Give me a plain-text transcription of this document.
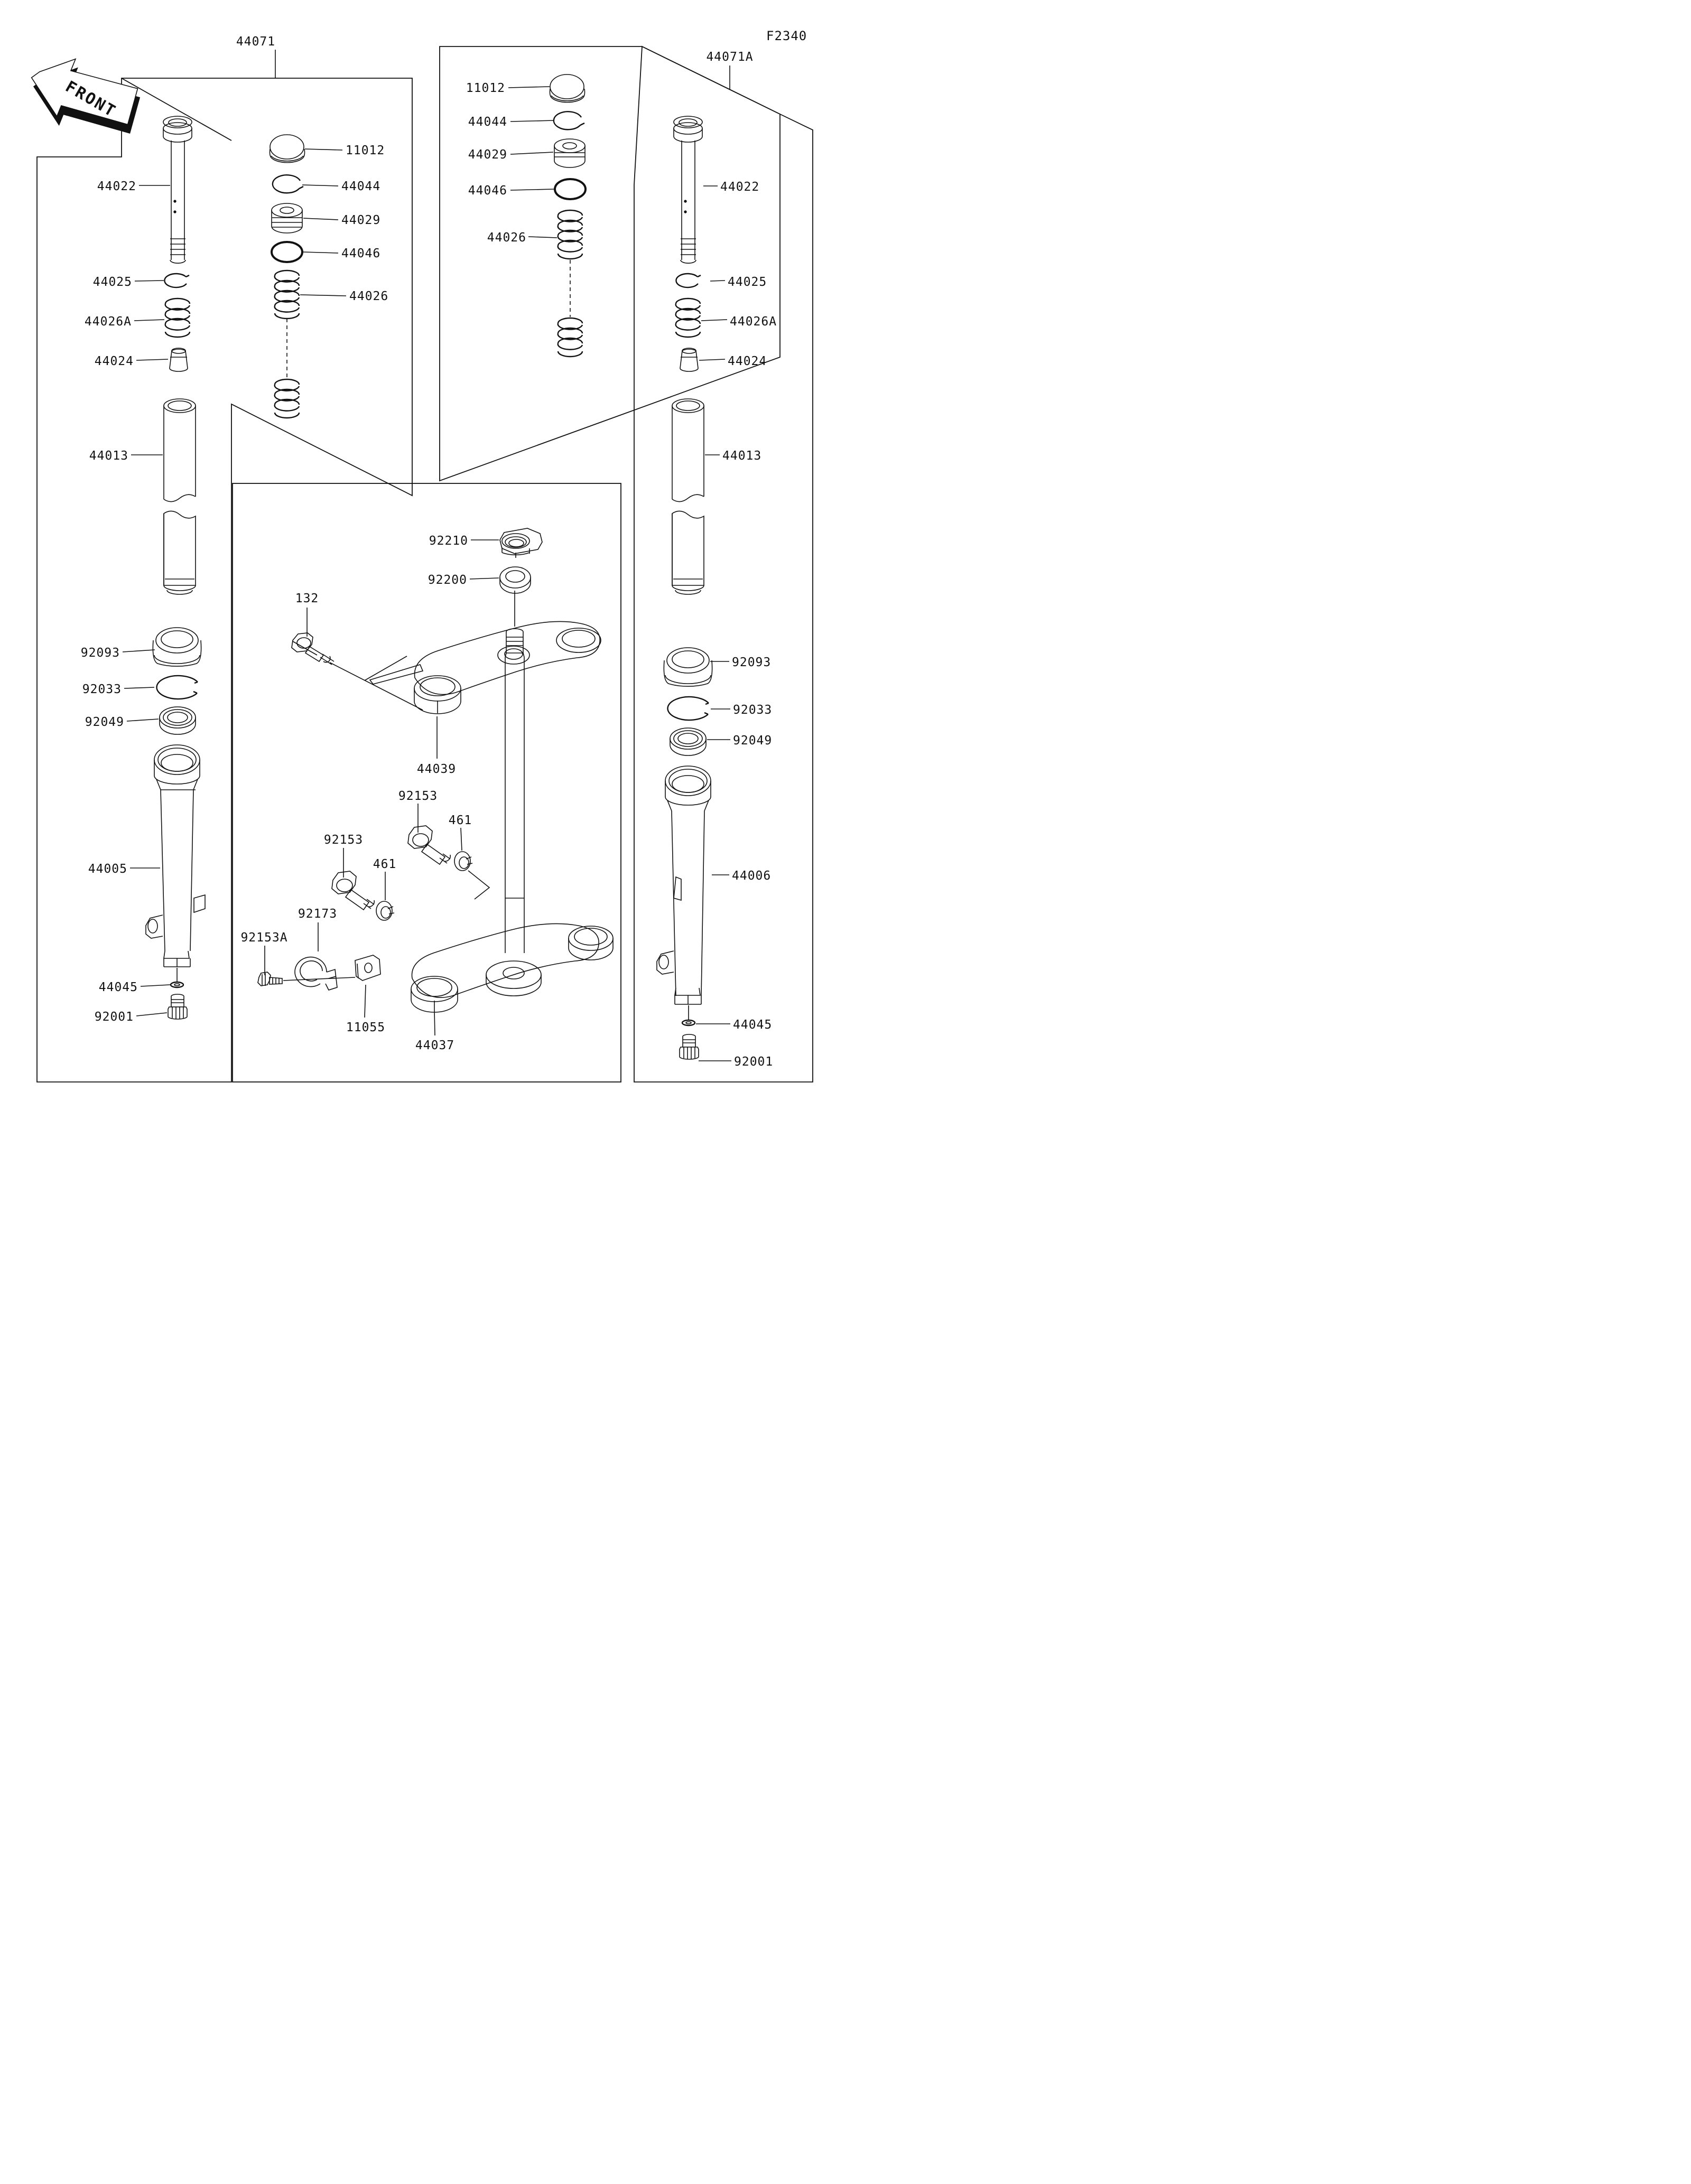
FRONT
F2340
44071
44022
44025
44026A
44024
44013
92093
92033
92049
44005
44045
92001
11012
44044
44029
44046
44026
11012
44044
44029
44046
44026
44071A
44022
44025
44026A
44024
44013
92093
92033
92049
44006
44045
92001
92210
92200
132
44039
92153
461
92153
461
92173
92153A
11055
44037
